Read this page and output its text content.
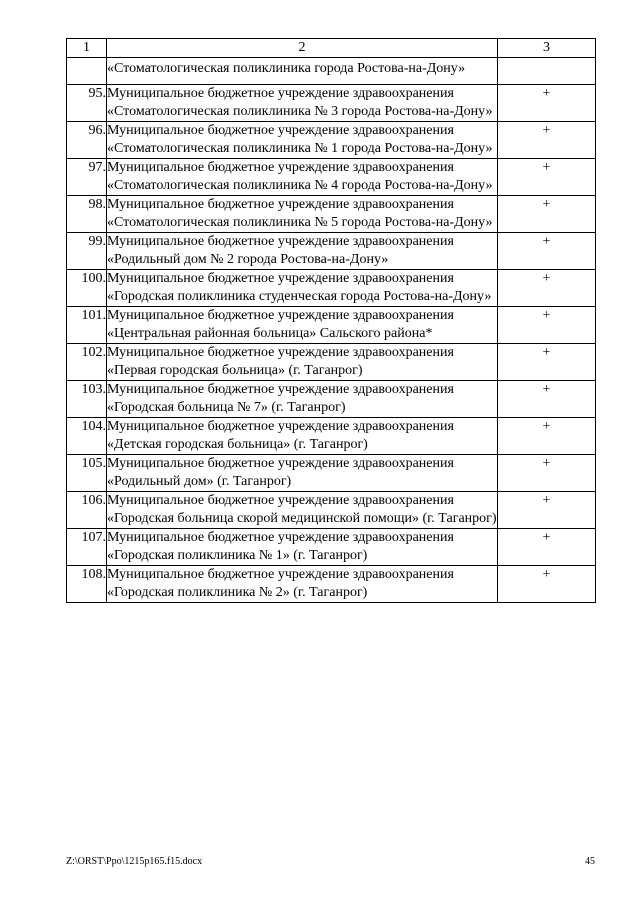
1	2	3
	«Стоматологическая поликлиника города Ростова-на-Дону»	
95.	Муниципальное бюджетное учреждение здравоохранения «Стоматологическая поликлиника № 3 города Ростова-на-Дону»	+
96.	Муниципальное бюджетное учреждение здравоохранения «Стоматологическая поликлиника № 1 города Ростова-на-Дону»	+
97.	Муниципальное бюджетное учреждение здравоохранения «Стоматологическая поликлиника № 4 города Ростова-на-Дону»	+
98.	Муниципальное бюджетное учреждение здравоохранения «Стоматологическая поликлиника № 5 города Ростова-на-Дону»	+
99.	Муниципальное бюджетное учреждение здравоохранения «Родильный дом № 2 города Ростова-на-Дону»	+
100.	Муниципальное бюджетное учреждение здравоохранения «Городская поликлиника студенческая города Ростова-на-Дону»	+
101.	Муниципальное бюджетное учреждение здравоохранения «Центральная районная больница» Сальского района*	+
102.	Муниципальное бюджетное учреждение здравоохранения «Первая городская больница» (г. Таганрог)	+
103.	Муниципальное бюджетное учреждение здравоохранения «Городская больница № 7» (г. Таганрог)	+
104.	Муниципальное бюджетное учреждение здравоохранения «Детская городская больница» (г. Таганрог)	+
105.	Муниципальное бюджетное учреждение здравоохранения «Родильный дом» (г. Таганрог)	+
106.	Муниципальное бюджетное учреждение здравоохранения «Городская больница скорой медицинской помощи» (г. Таганрог)	+
107.	Муниципальное бюджетное учреждение здравоохранения «Городская поликлиника № 1» (г. Таганрог)	+
108.	Муниципальное бюджетное учреждение здравоохранения «Городская поликлиника № 2» (г. Таганрог)	+
Z:\ORST\Ppo\1215p165.f15.docx	45
